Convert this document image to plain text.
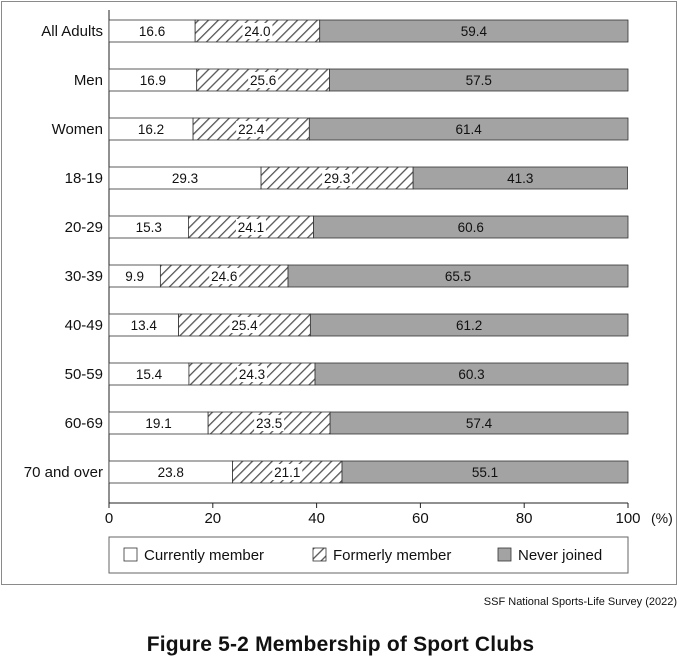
All Adults	16.6	24.0	59.4
Men	16.9	25.6	57.5
Women	16.2	22.4	61.4
18-19	29.3	29.3	41.3
20-29 15.3	24.1	60.6
30-39 9.9	24.6	65.5
40-49 13.4	25.4	61.2
50-59 15.4	24.3	60.3
60-69	19.1	23.5	57.4
70 and over	23.8	21.1	55.1
0	20	40	60	80	100 (%)
Currently member	Formerly member	Never joined
SSF National Sports-Life Survey (2022)
Figure 5-2 Membership of Sport Clubs
